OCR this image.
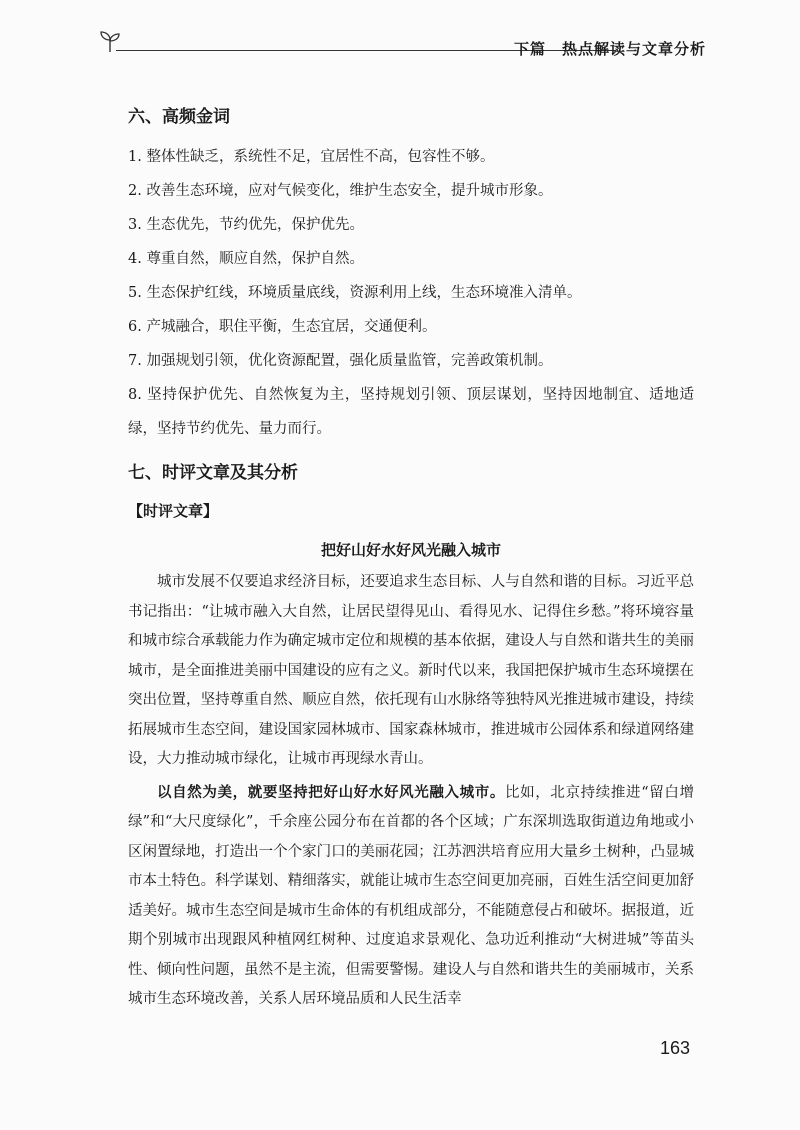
下篇　热点解读与文章分析
六、高频金词

1. 整体性缺乏，系统性不足，宜居性不高，包容性不够。

2. 改善生态环境，应对气候变化，维护生态安全，提升城市形象。

3. 生态优先，节约优先，保护优先。

4. 尊重自然，顺应自然，保护自然。

5. 生态保护红线，环境质量底线，资源利用上线，生态环境准入清单。

6. 产城融合，职住平衡，生态宜居，交通便利。

7. 加强规划引领，优化资源配置，强化质量监管，完善政策机制。

8. 坚持保护优先、自然恢复为主，坚持规划引领、顶层谋划，坚持因地制宜、适地适绿，坚持节约优先、量力而行。

七、时评文章及其分析
【时评文章】
把好山好水好风光融入城市

城市发展不仅要追求经济目标，还要追求生态目标、人与自然和谐的目标。习近平总书记指出：“让城市融入大自然，让居民望得见山、看得见水、记得住乡愁。”将环境容量和城市综合承载能力作为确定城市定位和规模的基本依据，建设人与自然和谐共生的美丽城市，是全面推进美丽中国建设的应有之义。新时代以来，我国把保护城市生态环境摆在突出位置，坚持尊重自然、顺应自然，依托现有山水脉络等独特风光推进城市建设，持续拓展城市生态空间，建设国家园林城市、国家森林城市，推进城市公园体系和绿道网络建设，大力推动城市绿化，让城市再现绿水青山。

以自然为美，就要坚持把好山好水好风光融入城市。比如，北京持续推进“留白增绿”和“大尺度绿化”，千余座公园分布在首都的各个区域；广东深圳选取街道边角地或小区闲置绿地，打造出一个个家门口的美丽花园；江苏泗洪培育应用大量乡土树种，凸显城市本土特色。科学谋划、精细落实，就能让城市生态空间更加亮丽，百姓生活空间更加舒适美好。城市生态空间是城市生命体的有机组成部分，不能随意侵占和破坏。据报道，近期个别城市出现跟风种植网红树种、过度追求景观化、急功近利推动“大树进城”等苗头性、倾向性问题，虽然不是主流，但需要警惕。建设人与自然和谐共生的美丽城市，关系城市生态环境改善，关系人居环境品质和人民生活幸

163
